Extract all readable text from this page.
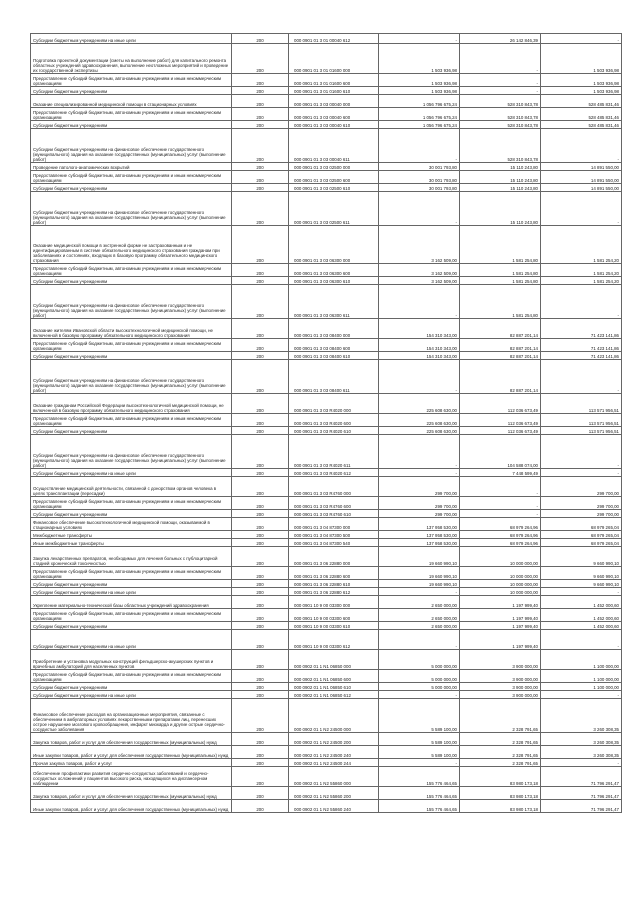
Субсидии бюджетным учреждениям на иные цели	200	000 0901 01 3 01 00040 612	-	26 142 846,39	-
Подготовка проектной документации (сметы на выполнение работ) для капитального ремонта областных учреждений здравоохранения, выполнение неотложных мероприятий и проведение их государственной экспертизы	200	000 0901 01 3 01 01600 000	1 503 936,98	-	1 503 936,98
Предоставление субсидий бюджетным, автономным учреждениям и иным некоммерческим организациям	200	000 0901 01 3 01 01600 600	1 503 936,98	-	1 503 936,98
Субсидии бюджетным учреждениям	200	000 0901 01 3 01 01600 610	1 503 936,98	-	1 503 936,98
Оказание специализированной медицинской помощи в стационарных условиях	200	000 0901 01 3 03 00040 000	1 056 796 675,24	528 310 843,78	528 485 831,46
Предоставление субсидий бюджетным, автономным учреждениям и иным некоммерческим организациям	200	000 0901 01 3 03 00040 600	1 056 796 675,24	528 310 843,78	528 485 831,46
Субсидии бюджетным учреждениям	200	000 0901 01 3 03 00040 610	1 056 796 675,24	528 310 843,78	528 485 831,46
Субсидии бюджетным учреждениям на финансовое обеспечение государственного (муниципального) задания на оказание государственных (муниципальных) услуг (выполнение работ)	200	000 0901 01 3 03 00040 611	-	528 310 843,78	-
Проведение патолого-анатомических вскрытий	200	000 0901 01 3 03 02500 000	30 001 793,80	15 110 243,80	14 891 550,00
Предоставление субсидий бюджетным, автономным учреждениям и иным некоммерческим организациям	200	000 0901 01 3 03 02500 600	30 001 793,80	15 110 243,80	14 891 550,00
Субсидии бюджетным учреждениям	200	000 0901 01 3 03 02500 610	30 001 793,80	15 110 243,80	14 891 550,00
Субсидии бюджетным учреждениям на финансовое обеспечение государственного (муниципального) задания на оказание государственных (муниципальных) услуг (выполнение работ)	200	000 0901 01 3 03 02500 611	-	15 110 243,80	-
Оказание медицинской помощи в экстренной форме не застрахованным и не идентифицированным в системе обязательного медицинского страхования гражданам при заболеваниях и состояниях, входящих в базовую программу обязательного медицинского страхования	200	000 0901 01 3 03 06300 000	3 162 509,00	1 581 254,80	1 581 254,20
Предоставление субсидий бюджетным, автономным учреждениям и иным некоммерческим организациям	200	000 0901 01 3 03 06300 600	3 162 509,00	1 581 254,80	1 581 254,20
Субсидии бюджетным учреждениям	200	000 0901 01 3 03 06300 610	3 162 509,00	1 581 254,80	1 581 254,20
Субсидии бюджетным учреждениям на финансовое обеспечение государственного (муниципального) задания на оказание государственных (муниципальных) услуг (выполнение работ)	200	000 0901 01 3 03 06300 611	-	1 581 254,80	-
Оказание жителям Ивановской области высокотехнологичной медицинской помощи, не включенной в базовую программу обязательного медицинского страхования	200	000 0901 01 3 03 08400 000	154 310 343,00	82 887 201,14	71 423 141,86
Предоставление субсидий бюджетным, автономным учреждениям и иным некоммерческим организациям	200	000 0901 01 3 03 08400 600	154 310 343,00	82 887 201,14	71 423 141,86
Субсидии бюджетным учреждениям	200	000 0901 01 3 03 08400 610	154 310 343,00	82 887 201,14	71 423 141,86
Субсидии бюджетным учреждениям на финансовое обеспечение государственного (муниципального) задания на оказание государственных (муниципальных) услуг (выполнение работ)	200	000 0901 01 3 03 08400 611	-	82 887 201,14	-
Оказание гражданам Российской Федерации высокотехнологичной медицинской помощи, не включенной в базовую программу обязательного медицинского страхования	200	000 0901 01 3 03 R4020 000	225 608 630,00	112 036 673,49	113 571 956,51
Предоставление субсидий бюджетным, автономным учреждениям и иным некоммерческим организациям	200	000 0901 01 3 03 R4020 600	225 608 630,00	112 036 673,49	113 571 956,51
Субсидии бюджетным учреждениям	200	000 0901 01 3 03 R4020 610	225 608 630,00	112 036 673,49	113 571 956,51
Субсидии бюджетным учреждениям на финансовое обеспечение государственного (муниципального) задания на оказание государственных (муниципальных) услуг (выполнение работ)	200	000 0901 01 3 03 R4020 611	-	104 588 074,00	-
Субсидии бюджетным учреждениям на иные цели	200	000 0901 01 3 03 R4020 612	-	7 448 599,49	-
Осуществление медицинской деятельности, связанной с донорством органов человека в целях трансплантации (пересадки)	200	000 0901 01 3 03 R4760 000	299 700,00	-	299 700,00
Предоставление субсидий бюджетным, автономным учреждениям и иным некоммерческим организациям	200	000 0901 01 3 03 R4760 600	299 700,00	-	299 700,00
Субсидии бюджетным учреждениям	200	000 0901 01 3 03 R4760 610	299 700,00	-	299 700,00
Финансовое обеспечение высокотехнологичной медицинской помощи, оказываемой в стационарных условиях	200	000 0901 01 3 04 87300 000	137 958 530,00	68 979 264,96	68 979 265,04
Межбюджетные трансферты	200	000 0901 01 3 04 87300 500	137 958 530,00	68 979 264,96	68 979 265,04
Иные межбюджетные трансферты	200	000 0901 01 3 04 87300 540	137 958 530,00	68 979 264,96	68 979 265,04
Закупка лекарственных препаратов, необходимых для лечения больных с публоцитарной стадией хронической токсичностью	200	000 0901 01 3 06 22880 000	19 660 990,10	10 000 000,00	9 660 990,10
Предоставление субсидий бюджетным, автономным учреждениям и иным некоммерческим организациям	200	000 0901 01 3 06 22880 600	19 660 990,10	10 000 000,00	9 660 990,10
Субсидии бюджетным учреждениям	200	000 0901 01 3 06 22880 610	19 660 990,10	10 000 000,00	9 660 990,10
Субсидии бюджетным учреждениям на иные цели	200	000 0901 01 3 06 22880 612	-	10 000 000,00	-
Укрепление материально-технической базы областных учреждений здравоохранения	200	000 0901 10 9 00 03300 000	2 650 000,00	1 197 999,40	1 452 000,60
Предоставление субсидий бюджетным, автономным учреждениям и иным некоммерческим организациям	200	000 0901 10 9 00 03300 600	2 650 000,00	1 197 999,40	1 452 000,60
Субсидии бюджетным учреждениям	200	000 0901 10 9 00 03300 610	2 650 000,00	1 197 999,40	1 452 000,60
Субсидии бюджетным учреждениям на иные цели	200	000 0901 10 9 00 03300 612	-	1 197 999,40	-
Приобретение и установка модульных конструкций фельдшерско-акушерских пунктов и врачебных амбулаторий для населенных пунктов	200	000 0902 01 1 N1 06850 000	5 000 000,00	3 900 000,00	1 100 000,00
Предоставление субсидий бюджетным, автономным учреждениям и иным некоммерческим организациям	200	000 0902 01 1 N1 06850 600	5 000 000,00	3 900 000,00	1 100 000,00
Субсидии бюджетным учреждениям	200	000 0902 01 1 N1 06850 610	5 000 000,00	3 900 000,00	1 100 000,00
Субсидии бюджетным учреждениям на иные цели	200	000 0902 01 1 N1 06850 612	-	3 900 000,00	-
Финансовое обеспечение расходов на организационные мероприятия, связанные с обеспечением в амбулаторных условиях лекарственными препаратами лиц, перенесших острое нарушение мозгового кровообращения, инфаркт миокарда и другие острые сердечно-сосудистые заболевания	200	000 0902 01 1 N2 24500 000	5 589 100,00	2 328 791,65	3 260 308,35
Закупка товаров, работ и услуг для обеспечения государственных (муниципальных) нужд	200	000 0902 01 1 N2 24500 200	5 589 100,00	2 328 791,65	3 260 308,35
Иные закупки товаров, работ и услуг для обеспечения государственных (муниципальных) нужд	200	000 0902 01 1 N2 24500 240	5 589 100,00	2 328 791,65	3 260 308,35
Прочая закупка товаров, работ и услуг	200	000 0902 01 1 N2 24500 244	-	2 328 791,65	-
Обеспечение профилактики развития сердечно-сосудистых заболеваний и сердечно-сосудистых осложнений у пациентов высокого риска, находящихся на диспансерном наблюдении	200	000 0902 01 1 N2 55860 000	155 776 464,65	83 980 173,18	71 796 291,47
Закупка товаров, работ и услуг для обеспечения государственных (муниципальных) нужд	200	000 0902 01 1 N2 55860 200	155 776 464,65	83 980 173,18	71 796 291,47
Иные закупки товаров, работ и услуг для обеспечения государственных (муниципальных) нужд	200	000 0902 01 1 N2 55860 240	155 776 464,65	83 980 173,18	71 796 291,47
